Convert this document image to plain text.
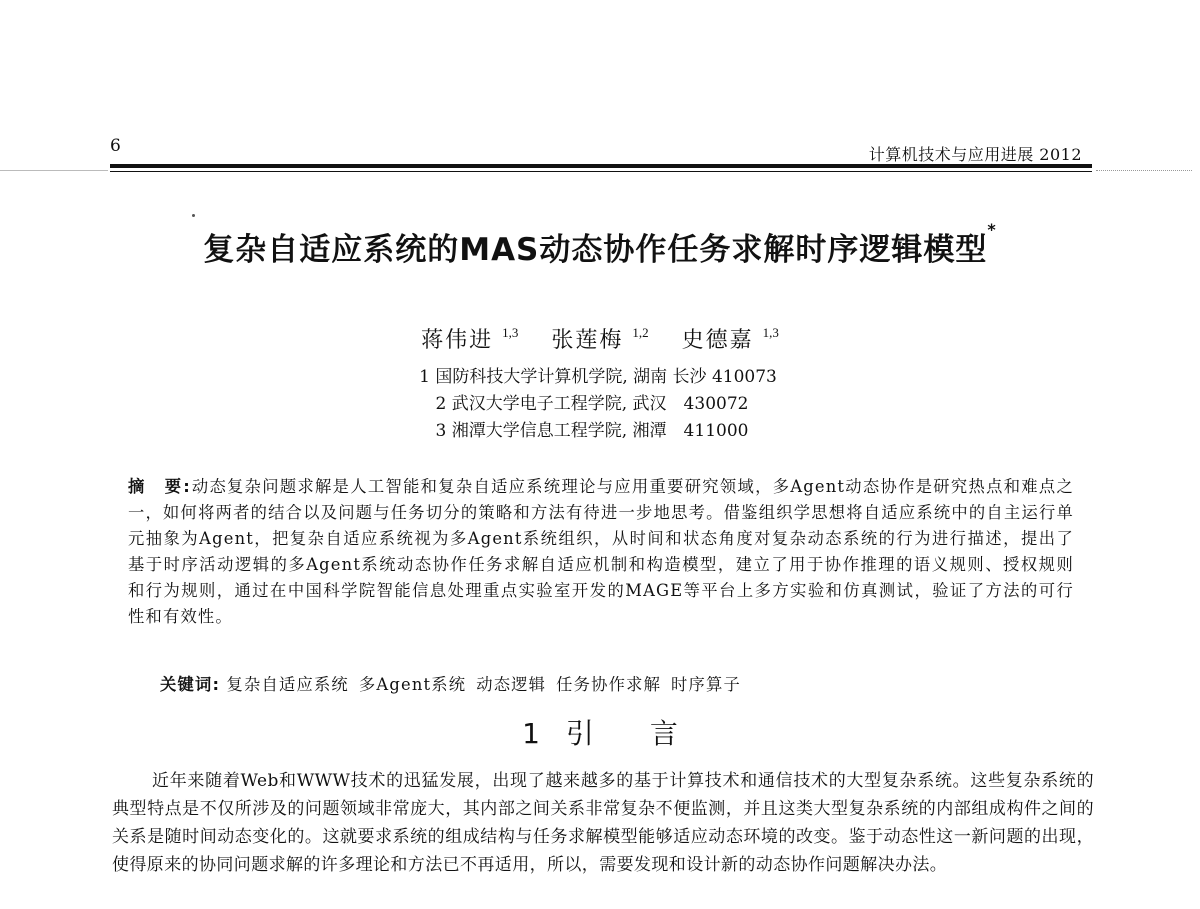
6	计算机技术与应用进展 2012
复杂自适应系统的MAS动态协作任务求解时序逻辑模型*
蒋伟进 $^{1,3}$ 张莲梅 $^{1,2}$ 史德嘉 $^{1,3}$
1 国防科技大学计算机学院, 湖南 长沙 410073
2 武汉大学电子工程学院, 武汉　430072
3 湘潭大学信息工程学院, 湘潭　411000
摘　要:动态复杂问题求解是人工智能和复杂自适应系统理论与应用重要研究领域，多Agent动态协作是研究热点和难点之一，如何将两者的结合以及问题与任务切分的策略和方法有待进一步地思考。借鉴组织学思想将自适应系统中的自主运行单元抽象为Agent，把复杂自适应系统视为多Agent系统组织，从时间和状态角度对复杂动态系统的行为进行描述，提出了基于时序活动逻辑的多Agent系统动态协作任务求解自适应机制和构造模型，建立了用于协作推理的语义规则、授权规则和行为规则，通过在中国科学院智能信息处理重点实验室开发的MAGE等平台上多方实验和仿真测试，验证了方法的可行性和有效性。
关键词: 复杂自适应系统 多Agent系统 动态逻辑 任务协作求解 时序算子
1 引 言
近年来随着Web和WWW技术的迅猛发展，出现了越来越多的基于计算技术和通信技术的大型复杂系统。这些复杂系统的典型特点是不仅所涉及的问题领域非常庞大，其内部之间关系非常复杂不便监测，并且这类大型复杂系统的内部组成构件之间的关系是随时间动态变化的。这就要求系统的组成结构与任务求解模型能够适应动态环境的改变。鉴于动态性这一新问题的出现，使得原来的协同问题求解的许多理论和方法已不再适用，所以，需要发现和设计新的动态协作问题解决办法。
